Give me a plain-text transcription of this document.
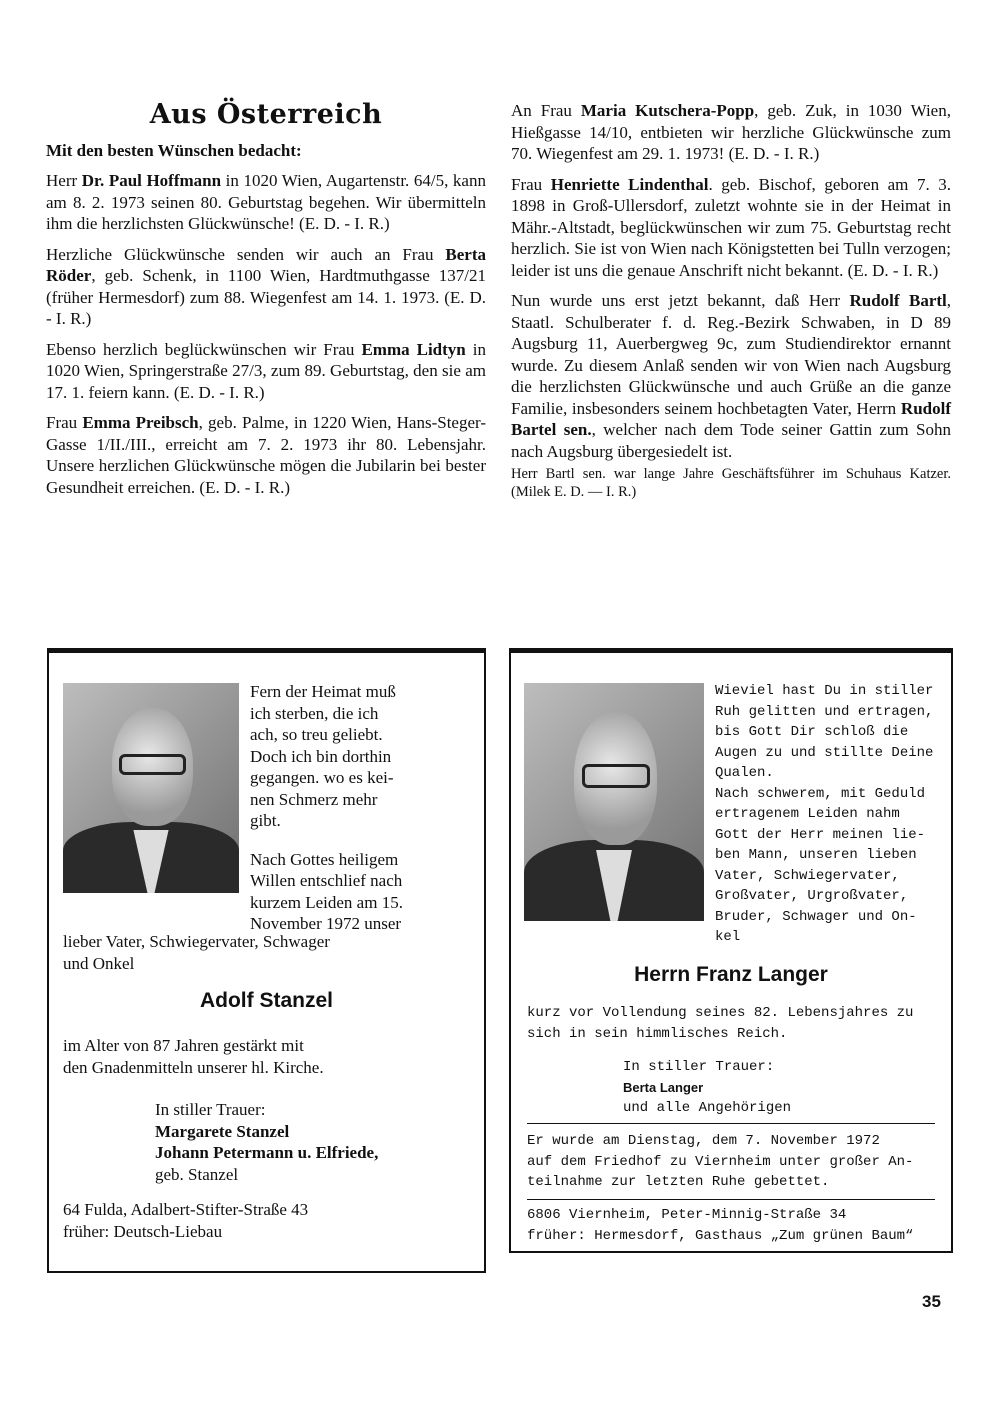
Aus Österreich

Mit den besten Wünschen bedacht:

Herr Dr. Paul Hoffmann in 1020 Wien, Augartenstr. 64/5, kann am 8. 2. 1973 seinen 80. Geburtstag begehen. Wir übermitteln ihm die herzlichsten Glückwünsche! (E. D. - I. R.)

Herzliche Glückwünsche senden wir auch an Frau Berta Röder, geb. Schenk, in 1100 Wien, Hardtmuthgasse 137/21 (früher Hermesdorf) zum 88. Wiegenfest am 14. 1. 1973. (E. D. - I. R.)

Ebenso herzlich beglückwünschen wir Frau Emma Lidtyn in 1020 Wien, Springerstraße 27/3, zum 89. Geburtstag, den sie am 17. 1. feiern kann. (E. D. - I. R.)

Frau Emma Preibsch, geb. Palme, in 1220 Wien, Hans-Steger-Gasse 1/II./III., erreicht am 7. 2. 1973 ihr 80. Lebensjahr. Unsere herzlichen Glückwünsche mögen die Jubilarin bei bester Gesundheit erreichen. (E. D. - I. R.)

An Frau Maria Kutschera-Popp, geb. Zuk, in 1030 Wien, Hießgasse 14/10, entbieten wir herzliche Glückwünsche zum 70. Wiegenfest am 29. 1. 1973! (E. D. - I. R.)

Frau Henriette Lindenthal. geb. Bischof, geboren am 7. 3. 1898 in Groß-Ullersdorf, zuletzt wohnte sie in der Heimat in Mähr.-Altstadt, beglückwünschen wir zum 75. Geburtstag recht herzlich. Sie ist von Wien nach Königstetten bei Tulln verzogen; leider ist uns die genaue Anschrift nicht bekannt. (E. D. - I. R.)

Nun wurde uns erst jetzt bekannt, daß Herr Rudolf Bartl, Staatl. Schulberater f. d. Reg.-Bezirk Schwaben, in D 89 Augsburg 11, Auerbergweg 9c, zum Studiendirektor ernannt wurde. Zu diesem Anlaß senden wir von Wien nach Augsburg die herzlichsten Glückwünsche und auch Grüße an die ganze Familie, insbesonders seinem hochbetagten Vater, Herrn Rudolf Bartel sen., welcher nach dem Tode seiner Gattin zum Sohn nach Augsburg übergesiedelt ist.

Herr Bartl sen. war lange Jahre Geschäftsführer im Schuhaus Katzer. (Milek E. D. — I. R.)

Fern der Heimat muß
ich sterben, die ich
ach, so treu geliebt.
Doch ich bin dorthin
gegangen. wo es kei-
nen Schmerz mehr
gibt.
Nach Gottes heiligem
Willen entschlief nach
kurzem Leiden am 15.
November 1972 unser
lieber Vater, Schwiegervater, Schwager
und Onkel
Adolf Stanzel
im Alter von 87 Jahren gestärkt mit
den Gnadenmitteln unserer hl. Kirche.
In stiller Trauer:
Margarete Stanzel
Johann Petermann u. Elfriede,
geb. Stanzel
64 Fulda, Adalbert-Stifter-Straße 43
früher: Deutsch-Liebau
Wieviel hast Du in stiller
Ruh gelitten und ertragen,
bis Gott Dir schloß die
Augen zu und stillte Deine
Qualen.
Nach schwerem, mit Geduld
ertragenem Leiden nahm
Gott der Herr meinen lie-
ben Mann, unseren lieben
Vater, Schwiegervater,
Großvater, Urgroßvater,
Bruder, Schwager und On-
kel
Herrn Franz Langer
kurz vor Vollendung seines 82. Lebensjahres zu
sich in sein himmlisches Reich.
In stiller Trauer:
Berta Langer
und alle Angehörigen
Er wurde am Dienstag, dem 7. November 1972
auf dem Friedhof zu Viernheim unter großer An-
teilnahme zur letzten Ruhe gebettet.
6806 Viernheim, Peter-Minnig-Straße 34
früher: Hermesdorf, Gasthaus „Zum grünen Baum“
35
